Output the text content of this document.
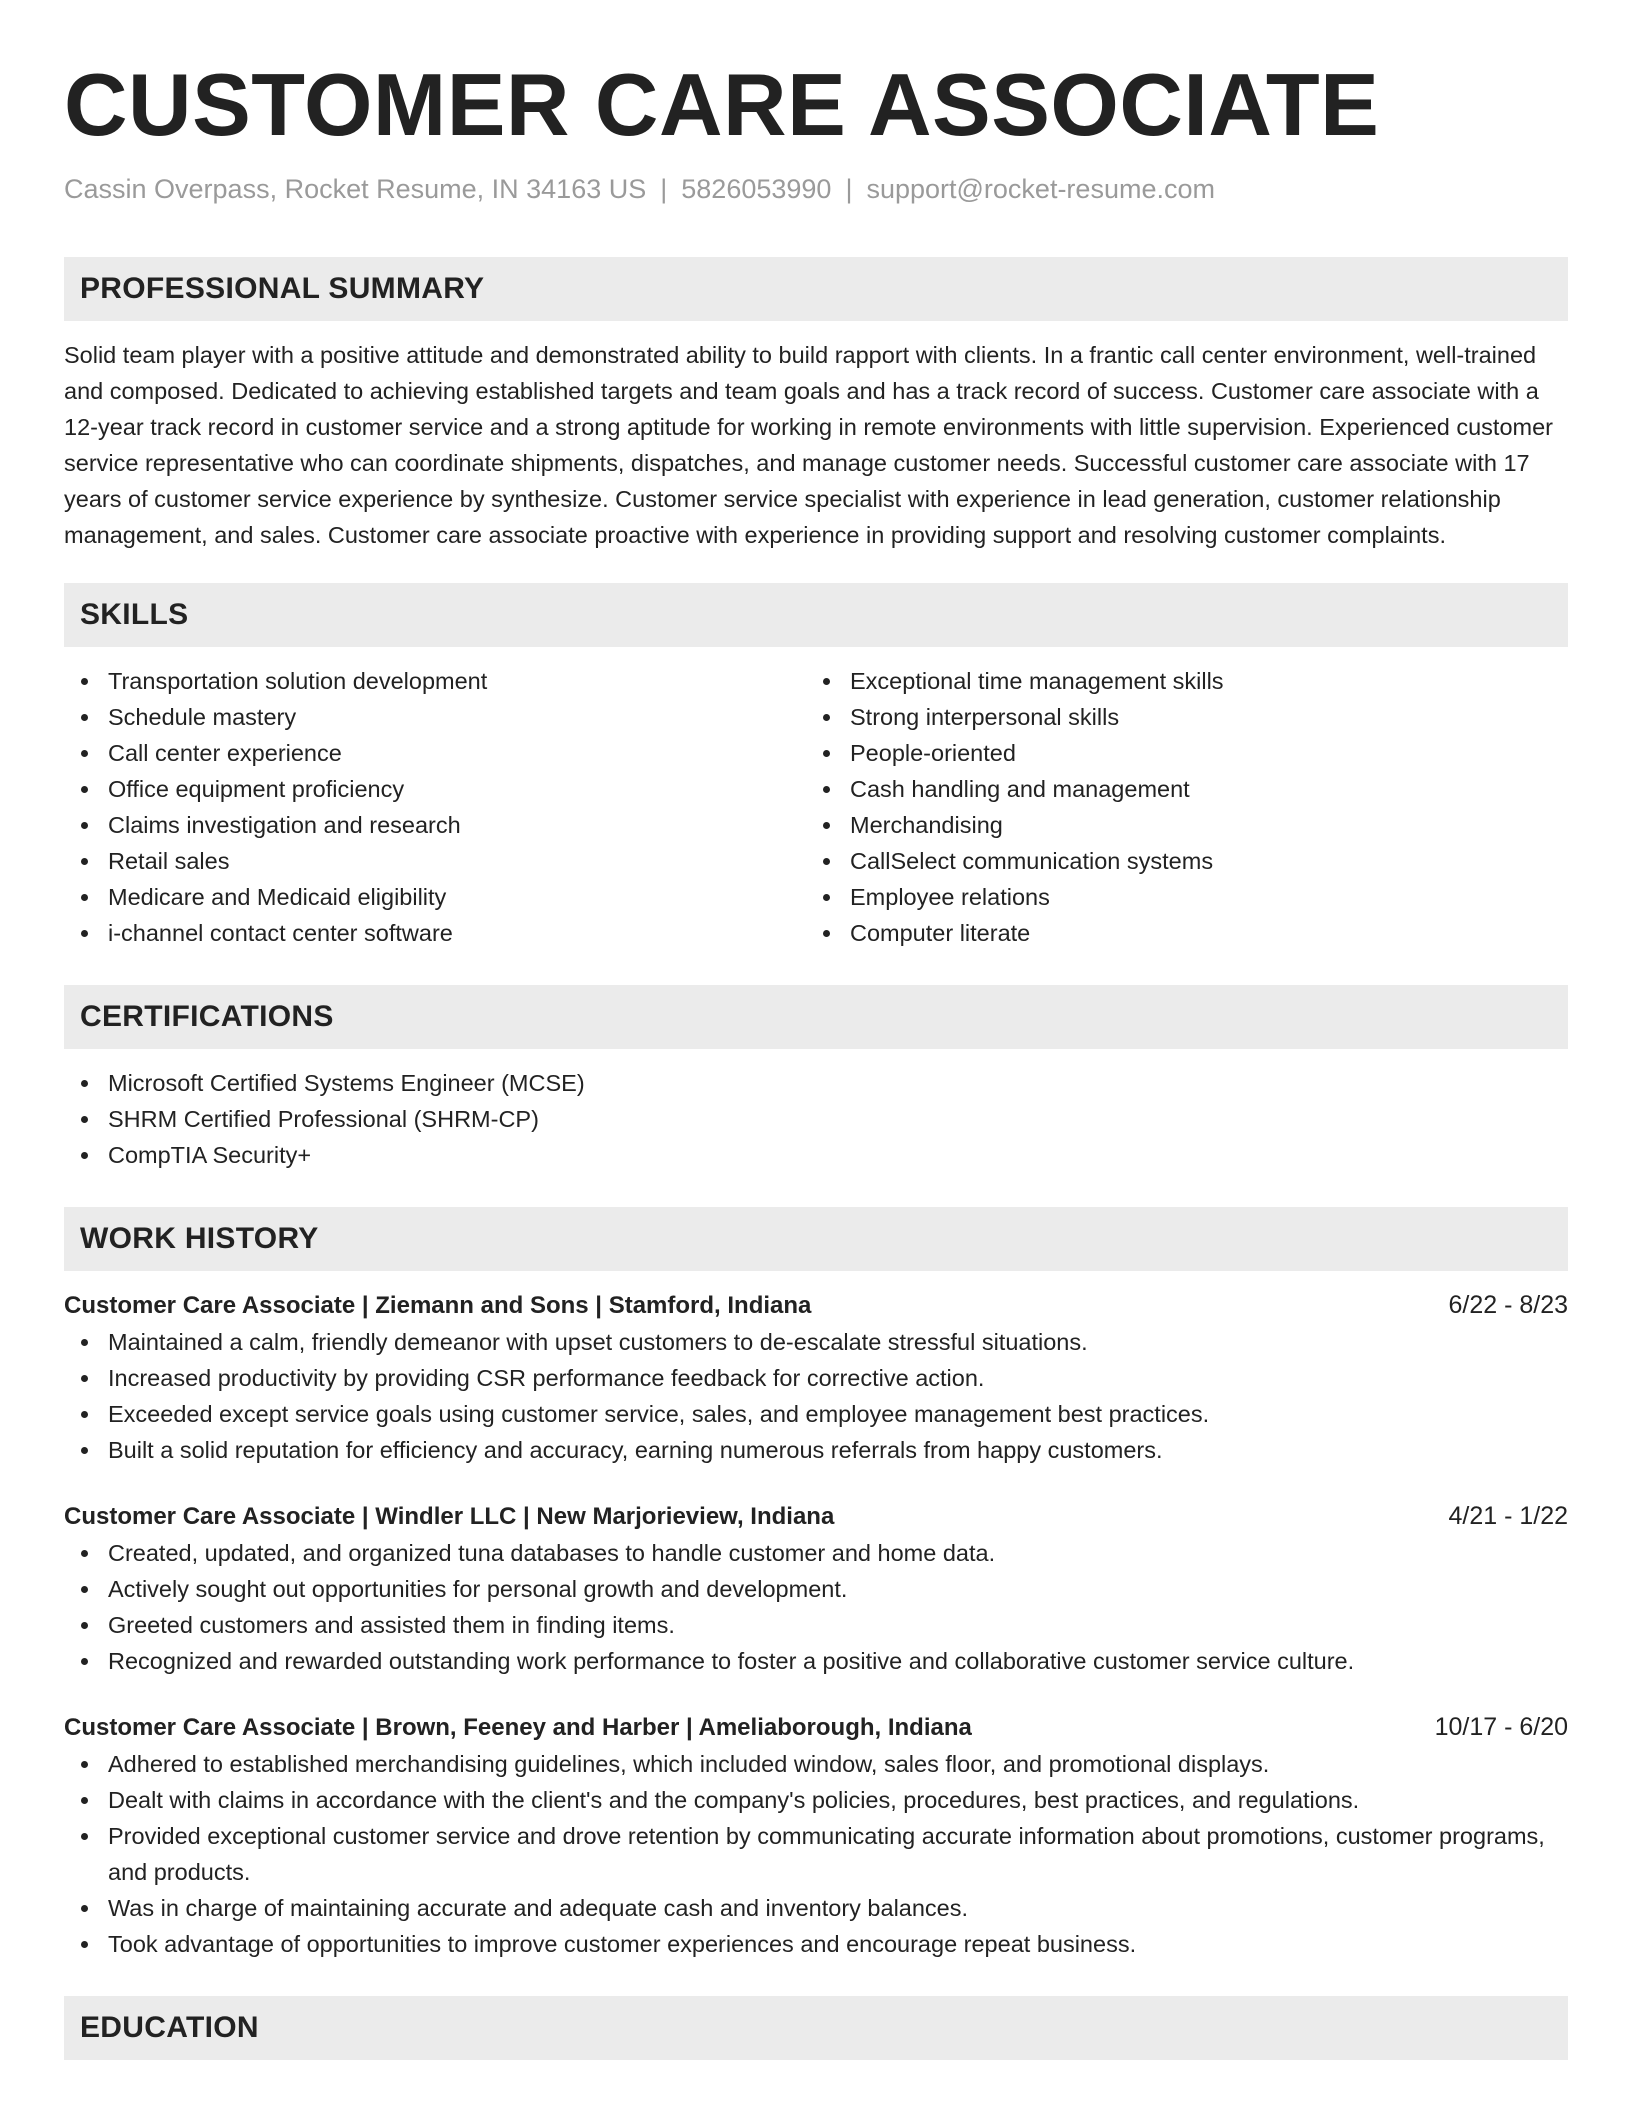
CUSTOMER CARE ASSOCIATE
Cassin Overpass, Rocket Resume, IN 34163 US | 5826053990 | support@rocket-resume.com
PROFESSIONAL SUMMARY

Solid team player with a positive attitude and demonstrated ability to build rapport with clients. In a frantic call center environment, well-trained and composed. Dedicated to achieving established targets and team goals and has a track record of success. Customer care associate with a 12-year track record in customer service and a strong aptitude for working in remote environments with little supervision. Experienced customer service representative who can coordinate shipments, dispatches, and manage customer needs. Successful customer care associate with 17 years of customer service experience by synthesize. Customer service specialist with experience in lead generation, customer relationship management, and sales. Customer care associate proactive with experience in providing support and resolving customer complaints.

SKILLS
Transportation solution development
Schedule mastery
Call center experience
Office equipment proficiency
Claims investigation and research
Retail sales
Medicare and Medicaid eligibility
i-channel contact center software
Exceptional time management skills
Strong interpersonal skills
People-oriented
Cash handling and management
Merchandising
CallSelect communication systems
Employee relations
Computer literate
CERTIFICATIONS
Microsoft Certified Systems Engineer (MCSE)
SHRM Certified Professional (SHRM-CP)
CompTIA Security+
WORK HISTORY
Customer Care Associate | Ziemann and Sons | Stamford, Indiana	6/22 - 8/23
Maintained a calm, friendly demeanor with upset customers to de-escalate stressful situations.
Increased productivity by providing CSR performance feedback for corrective action.
Exceeded except service goals using customer service, sales, and employee management best practices.
Built a solid reputation for efficiency and accuracy, earning numerous referrals from happy customers.
Customer Care Associate | Windler LLC | New Marjorieview, Indiana	4/21 - 1/22
Created, updated, and organized tuna databases to handle customer and home data.
Actively sought out opportunities for personal growth and development.
Greeted customers and assisted them in finding items.
Recognized and rewarded outstanding work performance to foster a positive and collaborative customer service culture.
Customer Care Associate | Brown, Feeney and Harber | Ameliaborough, Indiana	10/17 - 6/20
Adhered to established merchandising guidelines, which included window, sales floor, and promotional displays.
Dealt with claims in accordance with the client's and the company's policies, procedures, best practices, and regulations.
Provided exceptional customer service and drove retention by communicating accurate information about promotions, customer programs, and products.
Was in charge of maintaining accurate and adequate cash and inventory balances.
Took advantage of opportunities to improve customer experiences and encourage repeat business.
EDUCATION
